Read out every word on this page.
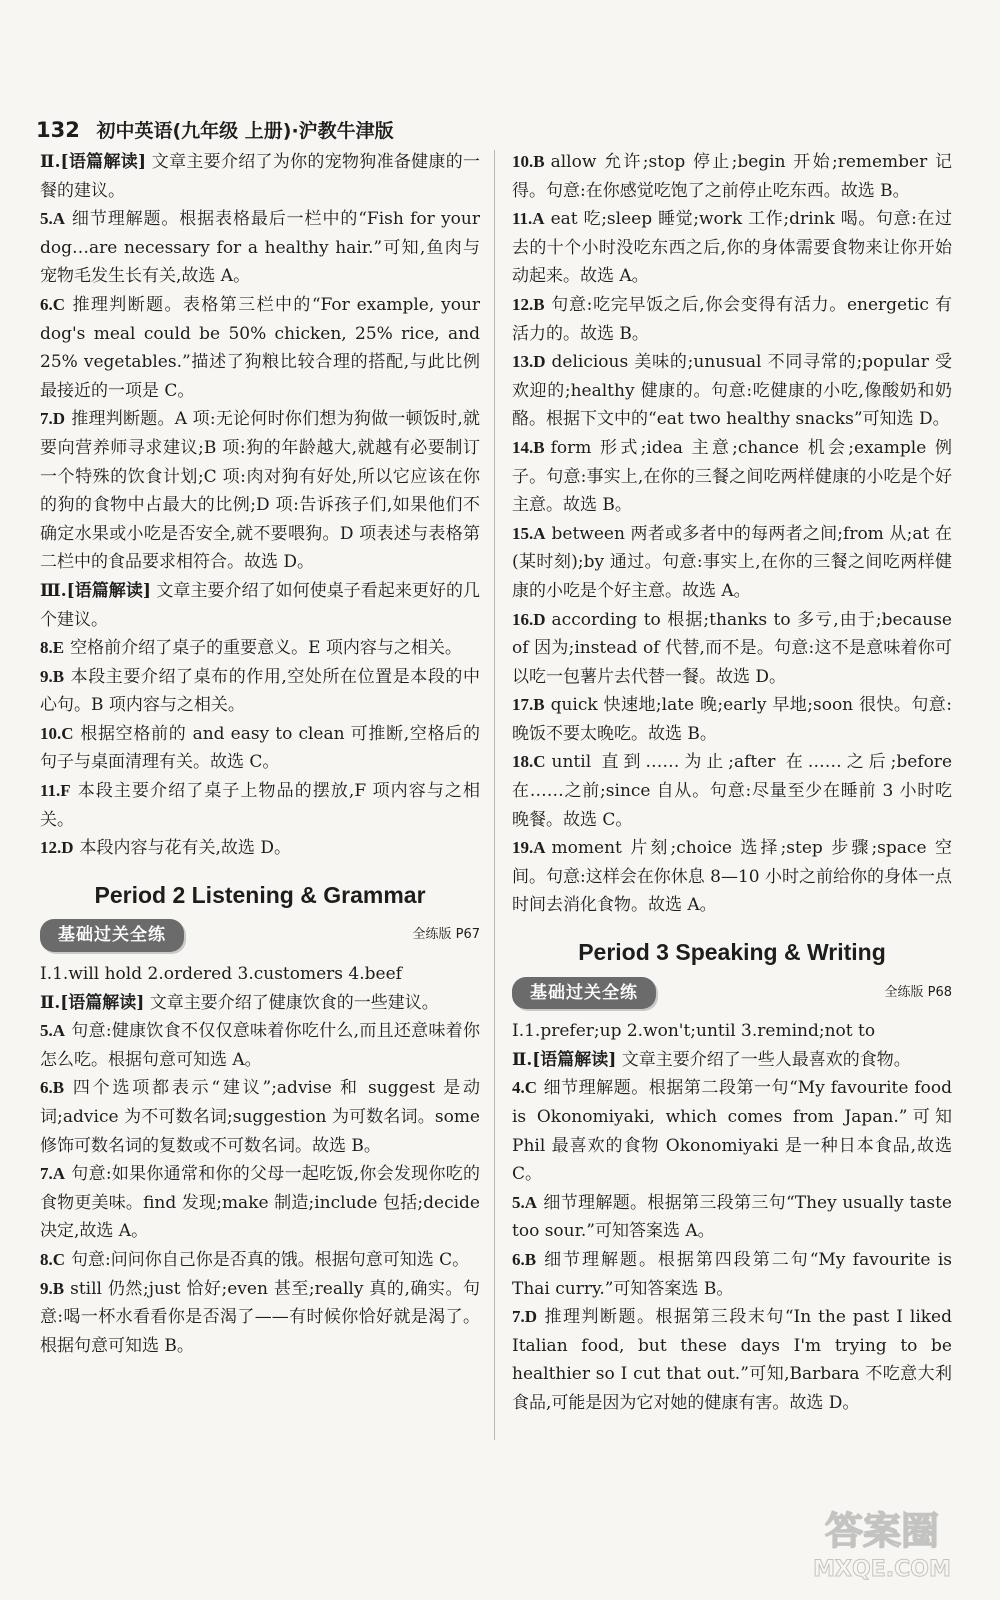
132 初中英语(九年级 上册)·沪教牛津版

Ⅱ.[语篇解读] 文章主要介绍了为你的宠物狗准备健康的一餐的建议。

5.A 细节理解题。根据表格最后一栏中的“Fish for your dog…are necessary for a healthy hair.”可知,鱼肉与宠物毛发生长有关,故选 A。

6.C 推理判断题。表格第三栏中的“For example, your dog's meal could be 50% chicken, 25% rice, and 25% vegetables.”描述了狗粮比较合理的搭配,与此比例最接近的一项是 C。

7.D 推理判断题。A 项:无论何时你们想为狗做一顿饭时,就要向营养师寻求建议;B 项:狗的年龄越大,就越有必要制订一个特殊的饮食计划;C 项:肉对狗有好处,所以它应该在你的狗的食物中占最大的比例;D 项:告诉孩子们,如果他们不确定水果或小吃是否安全,就不要喂狗。D 项表述与表格第二栏中的食品要求相符合。故选 D。

Ⅲ.[语篇解读] 文章主要介绍了如何使桌子看起来更好的几个建议。

8.E 空格前介绍了桌子的重要意义。E 项内容与之相关。

9.B 本段主要介绍了桌布的作用,空处所在位置是本段的中心句。B 项内容与之相关。

10.C 根据空格前的 and easy to clean 可推断,空格后的句子与桌面清理有关。故选 C。

11.F 本段主要介绍了桌子上物品的摆放,F 项内容与之相关。

12.D 本段内容与花有关,故选 D。

Period 2 Listening & Grammar
基础过关全练	全练版 P67

Ⅰ.1.will hold 2.ordered 3.customers 4.beef

Ⅱ.[语篇解读] 文章主要介绍了健康饮食的一些建议。

5.A 句意:健康饮食不仅仅意味着你吃什么,而且还意味着你怎么吃。根据句意可知选 A。

6.B 四个选项都表示“建议”;advise 和 suggest 是动词;advice 为不可数名词;suggestion 为可数名词。some 修饰可数名词的复数或不可数名词。故选 B。

7.A 句意:如果你通常和你的父母一起吃饭,你会发现你吃的食物更美味。find 发现;make 制造;include 包括;decide 决定,故选 A。

8.C 句意:问问你自己你是否真的饿。根据句意可知选 C。

9.B still 仍然;just 恰好;even 甚至;really 真的,确实。句意:喝一杯水看看你是否渴了——有时候你恰好就是渴了。根据句意可知选 B。

10.B allow 允许;stop 停止;begin 开始;remember 记得。句意:在你感觉吃饱了之前停止吃东西。故选 B。

11.A eat 吃;sleep 睡觉;work 工作;drink 喝。句意:在过去的十个小时没吃东西之后,你的身体需要食物来让你开始动起来。故选 A。

12.B 句意:吃完早饭之后,你会变得有活力。energetic 有活力的。故选 B。

13.D delicious 美味的;unusual 不同寻常的;popular 受欢迎的;healthy 健康的。句意:吃健康的小吃,像酸奶和奶酪。根据下文中的“eat two healthy snacks”可知选 D。

14.B form 形式;idea 主意;chance 机会;example 例子。句意:事实上,在你的三餐之间吃两样健康的小吃是个好主意。故选 B。

15.A between 两者或多者中的每两者之间;from 从;at 在(某时刻);by 通过。句意:事实上,在你的三餐之间吃两样健康的小吃是个好主意。故选 A。

16.D according to 根据;thanks to 多亏,由于;because of 因为;instead of 代替,而不是。句意:这不是意味着你可以吃一包薯片去代替一餐。故选 D。

17.B quick 快速地;late 晚;early 早地;soon 很快。句意:晚饭不要太晚吃。故选 B。

18.C until 直到……为止;after 在……之后;before 在……之前;since 自从。句意:尽量至少在睡前 3 小时吃晚餐。故选 C。

19.A moment 片刻;choice 选择;step 步骤;space 空间。句意:这样会在你休息 8—10 小时之前给你的身体一点时间去消化食物。故选 A。

Period 3 Speaking & Writing
基础过关全练	全练版 P68

Ⅰ.1.prefer;up 2.won't;until 3.remind;not to

Ⅱ.[语篇解读] 文章主要介绍了一些人最喜欢的食物。

4.C 细节理解题。根据第二段第一句“My favourite food is Okonomiyaki, which comes from Japan.”可知 Phil 最喜欢的食物 Okonomiyaki 是一种日本食品,故选 C。

5.A 细节理解题。根据第三段第三句“They usually taste too sour.”可知答案选 A。

6.B 细节理解题。根据第四段第二句“My favourite is Thai curry.”可知答案选 B。

7.D 推理判断题。根据第三段末句“In the past I liked Italian food, but these days I'm trying to be healthier so I cut that out.”可知,Barbara 不吃意大利食品,可能是因为它对她的健康有害。故选 D。

答案圈
MXQE.COM
